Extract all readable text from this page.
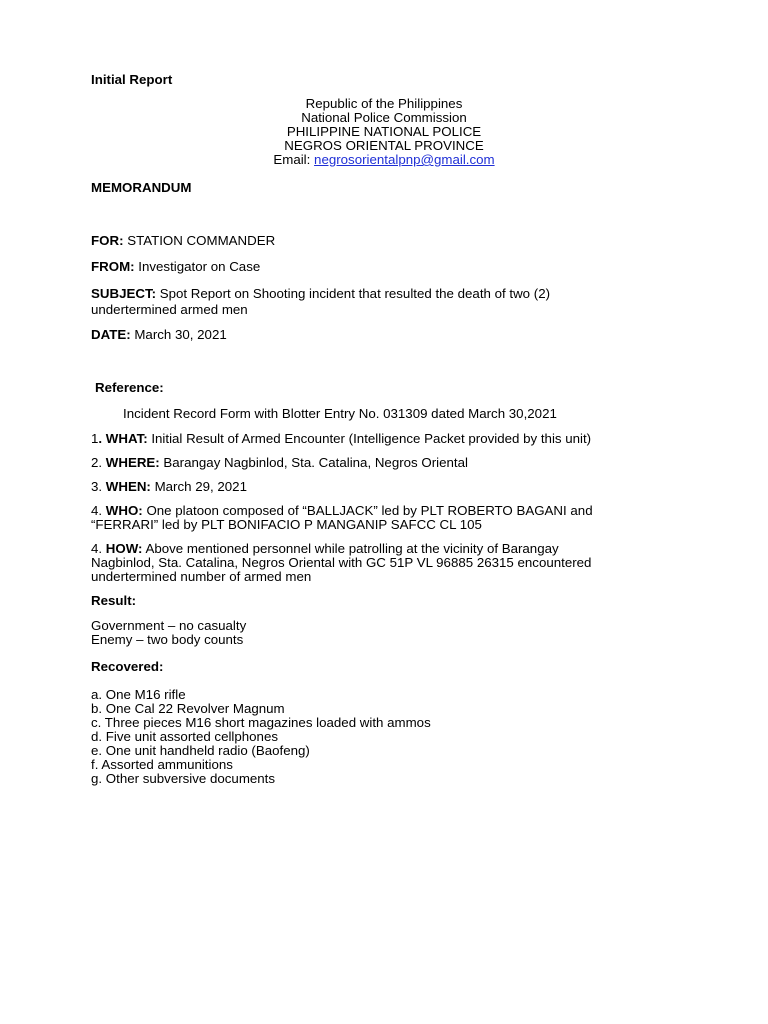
Initial Report
Republic of the Philippines
National Police Commission
PHILIPPINE NATIONAL POLICE
NEGROS ORIENTAL PROVINCE
Email: negrosorientalpnp@gmail.com
MEMORANDUM
FOR: STATION COMMANDER
FROM: Investigator on Case
SUBJECT: Spot Report on Shooting incident that resulted the death of two (2)
undertermined armed men
DATE: March 30, 2021
Reference:
Incident Record Form with Blotter Entry No. 031309 dated March 30,2021
1. WHAT: Initial Result of Armed Encounter (Intelligence Packet provided by this unit)
2. WHERE: Barangay Nagbinlod, Sta. Catalina, Negros Oriental
3. WHEN: March 29, 2021
4. WHO: One platoon composed of “BALLJACK” led by PLT ROBERTO BAGANI and
“FERRARI” led by PLT BONIFACIO P MANGANIP SAFCC CL 105
4. HOW: Above mentioned personnel while patrolling at the vicinity of Barangay
Nagbinlod, Sta. Catalina, Negros Oriental with GC 51P VL 96885 26315 encountered
undertermined number of armed men
Result:
Government – no casualty
Enemy – two body counts
Recovered:
a. One M16 rifle
b. One Cal 22 Revolver Magnum
c. Three pieces M16 short magazines loaded with ammos
d. Five unit assorted cellphones
e. One unit handheld radio (Baofeng)
f. Assorted ammunitions
g. Other subversive documents
